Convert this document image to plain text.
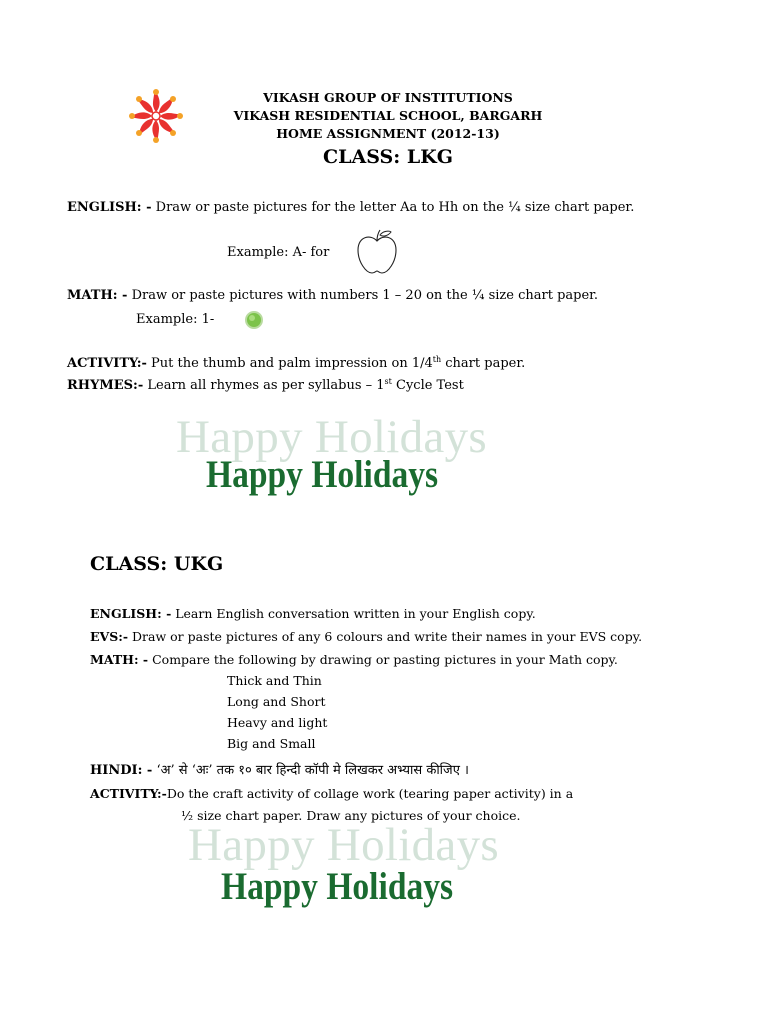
VIKASH GROUP OF INSTITUTIONS
VIKASH RESIDENTIAL SCHOOL, BARGARH
HOME ASSIGNMENT (2012-13)
CLASS: LKG
ENGLISH: - Draw or paste pictures for the letter Aa to Hh on the ¼ size chart paper.
Example: A- for
MATH: - Draw or paste pictures with numbers 1 – 20 on the ¼ size chart paper.
Example: 1-
ACTIVITY:- Put the thumb and palm impression on 1/4th chart paper.
RHYMES:- Learn all rhymes as per syllabus – 1st Cycle Test
Happy Holidays
Happy Holidays
CLASS: UKG
ENGLISH: - Learn English conversation written in your English copy.
EVS:- Draw or paste pictures of any 6 colours and write their names in your EVS copy.
MATH: - Compare the following by drawing or pasting pictures in your Math copy.
Thick and Thin
Long and Short
Heavy and light
Big and Small
HINDI: - ‘अ’ से ‘अः’ तक १० बार हिन्दी कॉपी मे लिखकर अभ्यास कीजिए ।
ACTIVITY:-Do the craft activity of collage work (tearing paper activity) in a
½ size chart paper. Draw any pictures of your choice.
Happy Holidays
Happy Holidays
